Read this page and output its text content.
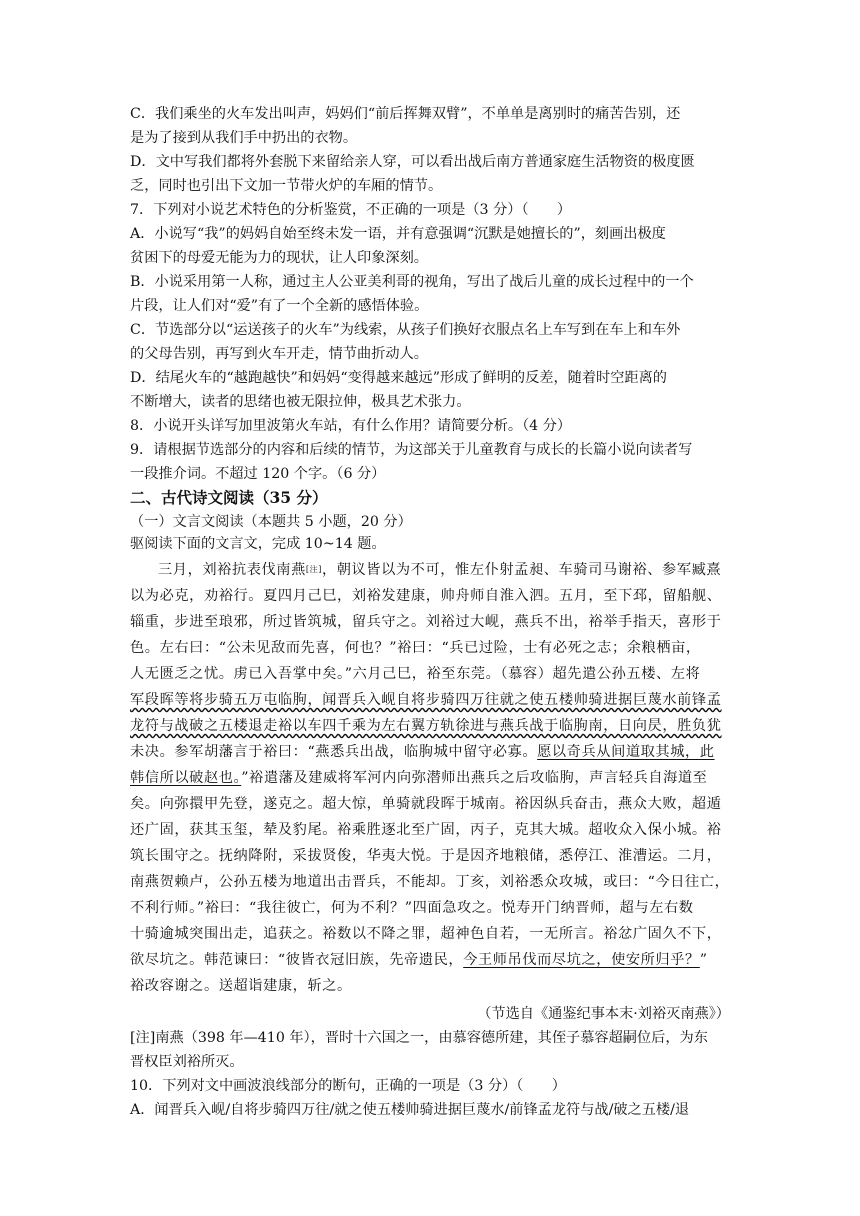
C．我们乘坐的火车发出叫声，妈妈们“前后挥舞双臂”，不单单是离别时的痛苦告别，还
是为了接到从我们手中扔出的衣物。
D．文中写我们都将外套脱下来留给亲人穿，可以看出战后南方普通家庭生活物资的极度匮
乏，同时也引出下文加一节带火炉的车厢的情节。
7．下列对小说艺术特色的分析鉴赏，不正确的一项是（3 分）（　　）
A．小说写“我”的妈妈自始至终未发一语，并有意强调“沉默是她擅长的”，刻画出极度
贫困下的母爱无能为力的现状，让人印象深刻。
B．小说采用第一人称，通过主人公亚美利哥的视角，写出了战后儿童的成长过程中的一个
片段，让人们对“爱”有了一个全新的感悟体验。
C．节选部分以“运送孩子的火车”为线索，从孩子们换好衣服点名上车写到在车上和车外
的父母告别，再写到火车开走，情节曲折动人。
D．结尾火车的“越跑越快”和妈妈“变得越来越远”形成了鲜明的反差，随着时空距离的
不断增大，读者的思绪也被无限拉伸，极具艺术张力。
8．小说开头详写加里波第火车站，有什么作用？请简要分析。（4 分）
9．请根据节选部分的内容和后续的情节，为这部关于儿童教育与成长的长篇小说向读者写
一段推介词。不超过 120 个字。（6 分）
二、古代诗文阅读（35 分）
（一）文言文阅读（本题共 5 小题，20 分）
驱阅读下面的文言文，完成 10~14 题。
三月，刘裕抗表伐南燕[注]，朝议皆以为不可，惟左仆射孟昶、车骑司马谢裕、参军臧熹
以为必克，劝裕行。夏四月己巳，刘裕发建康，帅舟师自淮入泗。五月，至下邳，留船舰、
辎重，步进至琅邪，所过皆筑城，留兵守之。刘裕过大岘，燕兵不出，裕举手指天，喜形于
色。左右曰：“公未见敌而先喜，何也？”裕曰：“兵已过险，士有必死之志；余粮栖亩，
人无匮乏之忧。虏已入吾掌中矣。”六月己巳，裕至东莞。（慕容）超先遣公孙五楼、左将
军段晖等将步骑五万屯临朐，闻晋兵入岘自将步骑四万往就之使五楼帅骑进据巨蔑水前锋孟
龙符与战破之五楼退走裕以车四千乘为左右翼方轨徐进与燕兵战于临朐南，日向昃，胜负犹
未决。参军胡藩言于裕曰：“燕悉兵出战，临朐城中留守必寡。愿以奇兵从间道取其城，此
韩信所以破赵也。”裕遣藩及建威将军河内向弥潜师出燕兵之后攻临朐，声言轻兵自海道至
矣。向弥擐甲先登，遂克之。超大惊，单骑就段晖于城南。裕因纵兵奋击，燕众大败，超遁
还广固，获其玉玺，辇及豹尾。裕乘胜逐北至广固，丙子，克其大城。超收众入保小城。裕
筑长围守之。抚纳降附，采拔贤俊，华夷大悦。于是因齐地粮储，悉停江、淮漕运。二月，
南燕贺赖卢，公孙五楼为地道出击晋兵，不能却。丁亥，刘裕悉众攻城，或曰：“今日往亡，
不利行师。”裕曰：“我往彼亡，何为不利？”四面急攻之。悦寿开门纳晋师，超与左右数
十骑逾城突围出走，追获之。裕数以不降之罪，超神色自若，一无所言。裕忿广固久不下，
欲尽坑之。韩范谏曰：“彼皆衣冠旧族，先帝遗民，今王师吊伐而尽坑之，使安所归乎？”
裕改容谢之。送超诣建康，斩之。
（节选自《通鉴纪事本末·刘裕灭南燕》）
[注]南燕（398 年—410 年），晋时十六国之一，由慕容德所建，其侄子慕容超嗣位后，为东
晋权臣刘裕所灭。
10．下列对文中画波浪线部分的断句，正确的一项是（3 分）（　　）
A．闻晋兵入岘/自将步骑四万往/就之使五楼帅骑进据巨蔑水/前锋孟龙符与战/破之五楼/退
